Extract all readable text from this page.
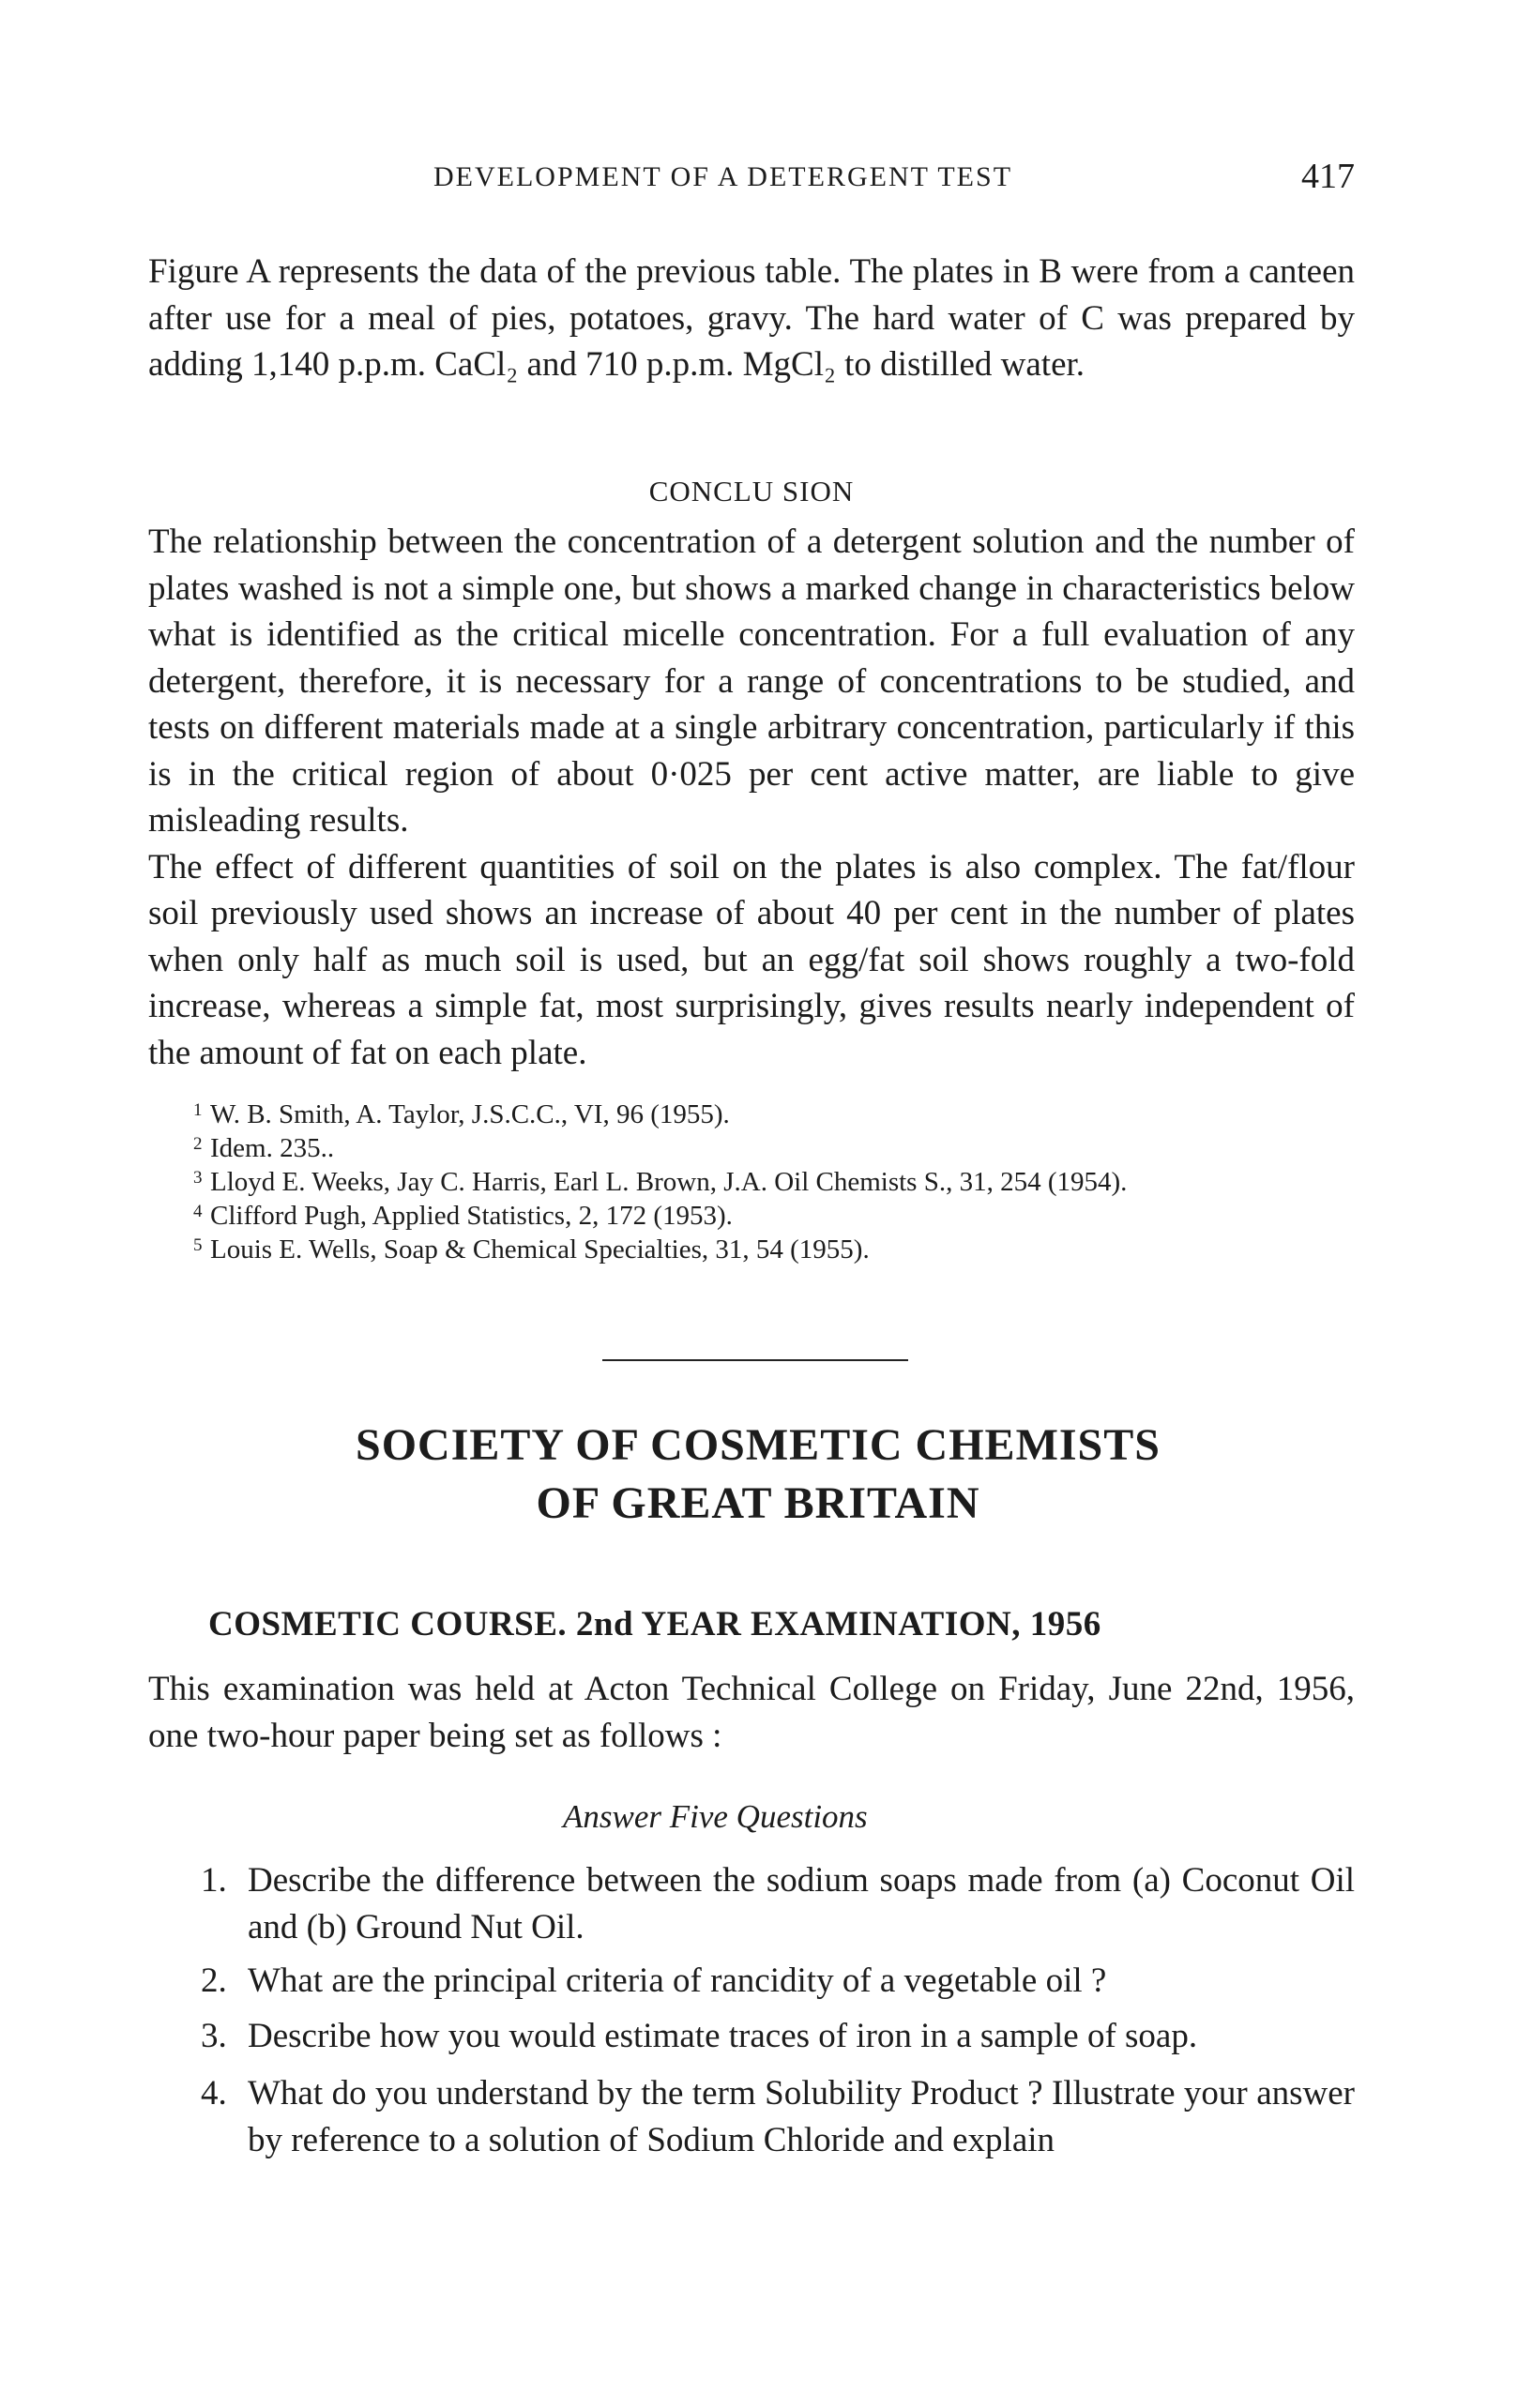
DEVELOPMENT OF A DETERGENT TEST	417

Figure A represents the data of the previous table. The plates in B were from a canteen after use for a meal of pies, potatoes, gravy. The hard water of C was prepared by adding 1,140 p.p.m. CaCl₂ and 710 p.p.m. MgCl₂ to distilled water.

CONCLU SION

The relationship between the concentration of a detergent solution and the number of plates washed is not a simple one, but shows a marked change in characteristics below what is identified as the critical micelle concentration. For a full evaluation of any detergent, therefore, it is necessary for a range of concentrations to be studied, and tests on different materials made at a single arbitrary concentration, particularly if this is in the critical region of about 0·025 per cent active matter, are liable to give misleading results.

The effect of different quantities of soil on the plates is also complex. The fat/flour soil previously used shows an increase of about 40 per cent in the number of plates when only half as much soil is used, but an egg/fat soil shows roughly a two-fold increase, whereas a simple fat, most surprisingly, gives results nearly independent of the amount of fat on each plate.

1 W. B. Smith, A. Taylor, J.S.C.C., VI, 96 (1955).

2 Idem. 235..

3 Lloyd E. Weeks, Jay C. Harris, Earl L. Brown, J.A. Oil Chemists S., 31, 254 (1954).

4 Clifford Pugh, Applied Statistics, 2, 172 (1953).

5 Louis E. Wells, Soap & Chemical Specialties, 31, 54 (1955).

SOCIETY OF COSMETIC CHEMISTS
OF GREAT BRITAIN
COSMETIC COURSE. 2nd YEAR EXAMINATION, 1956

This examination was held at Acton Technical College on Friday, June 22nd, 1956, one two-hour paper being set as follows :

Answer Five Questions
1. Describe the difference between the sodium soaps made from (a) Coconut Oil and (b) Ground Nut Oil.
2. What are the principal criteria of rancidity of a vegetable oil ?
3. Describe how you would estimate traces of iron in a sample of soap.
4. What do you understand by the term Solubility Product ? Illustrate your answer by reference to a solution of Sodium Chloride and explain
